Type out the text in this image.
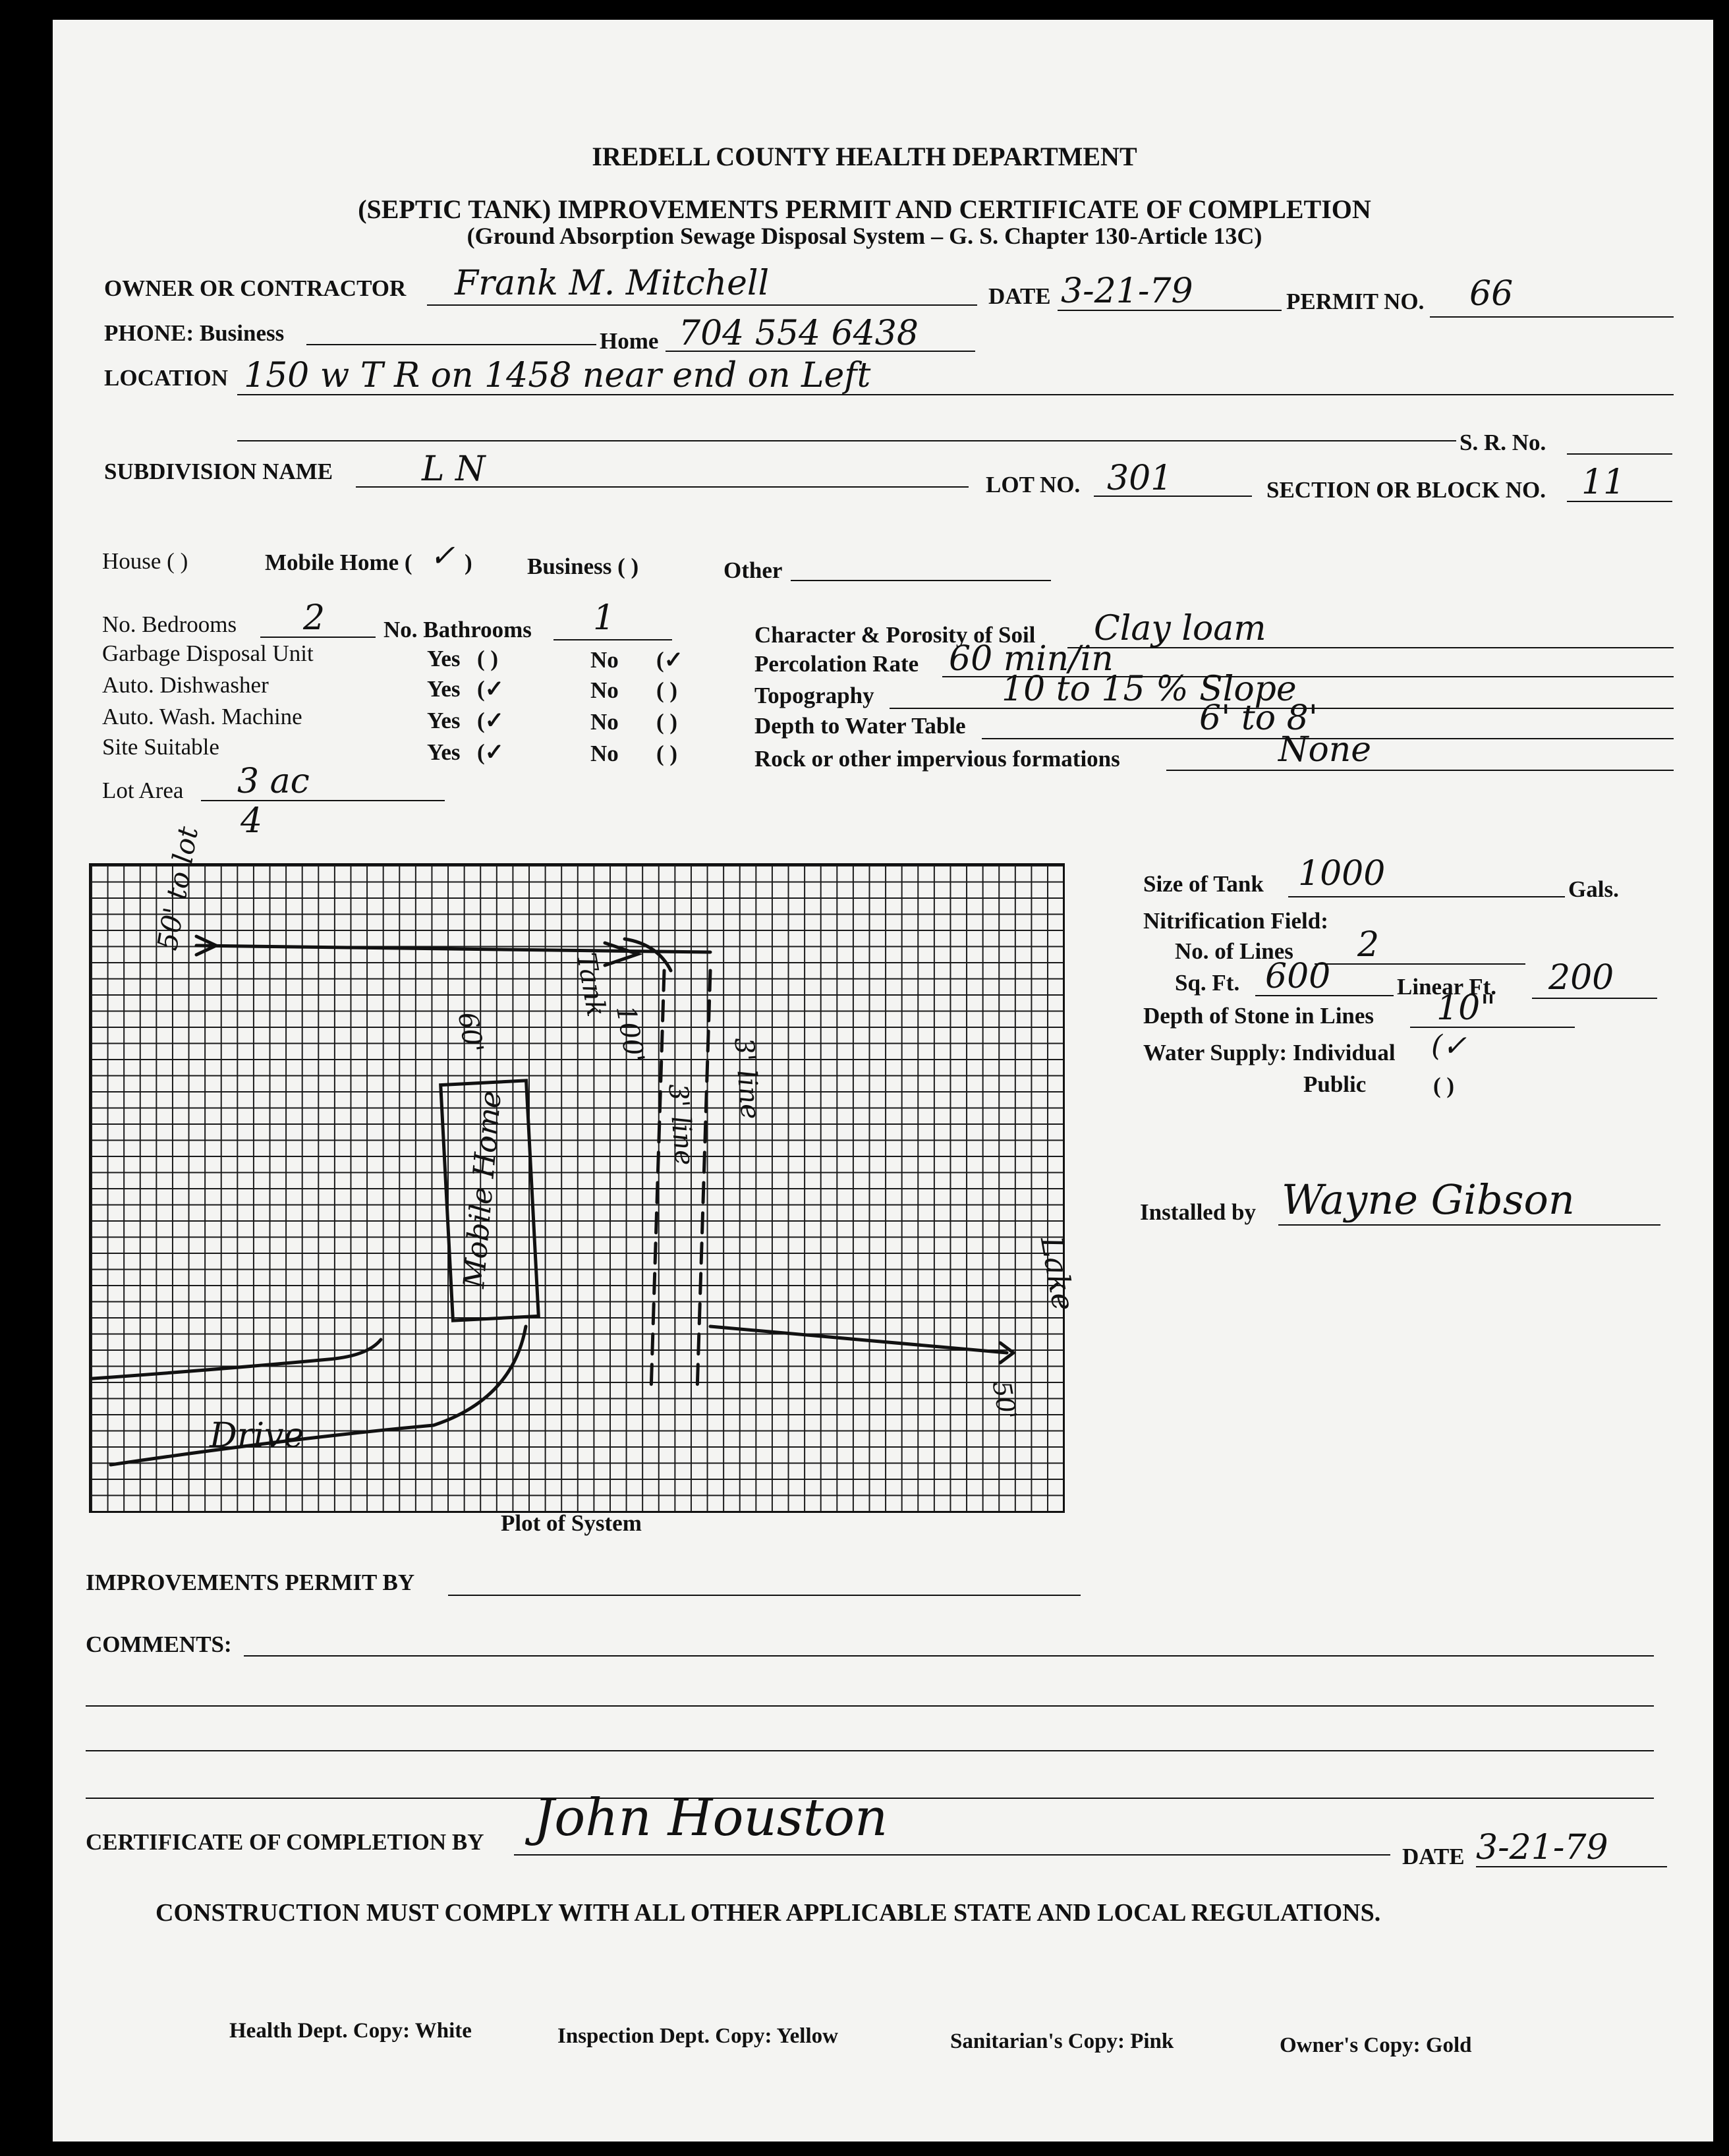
IREDELL COUNTY HEALTH DEPARTMENT
(SEPTIC TANK) IMPROVEMENTS PERMIT AND CERTIFICATE OF COMPLETION
(Ground Absorption Sewage Disposal System – G. S. Chapter 130-Article 13C)
OWNER OR CONTRACTOR Frank M. Mitchell	DATE 3-21-79	PERMIT NO. 66
PHONE: Business	Home 704 554 6438
LOCATION 150 w T R on 1458 near end on Left
S. R. No.
SUBDIVISION NAME	L N	LOT NO. 301	SECTION OR BLOCK NO. 11
House ( )	Mobile Home ( ✓ ) Business ( )	Other
No. Bedrooms 2	No. Bathrooms 1
Garbage Disposal Unit	Yes ( )	No (✓
Auto. Dishwasher	Yes (✓	No ( )
Auto. Wash. Machine	Yes (✓	No ( )
Site Suitable	Yes (✓	No ( )
Lot Area 3 ac
4
Character & Porosity of Soil Clay loam
Percolation Rate 60 min/in
Topography	10 to 15 % Slope
Depth to Water Table	6' to 8'
Rock or other impervious formations	None
Size of Tank 1000	Gals.
Nitrification Field:
No. of Lines 2
Sq. Ft. 600	Linear Ft. 200
Depth of Stone in Lines 10"
Water Supply: Individual (✓
Public	( )
Installed by Wayne Gibson
50' to lot
Mobile Home
60'
Tank
100'
3' line
3' line
Drive
Lake
50'
Plot of System
IMPROVEMENTS PERMIT BY
COMMENTS:
CERTIFICATE OF COMPLETION BY John Houston
DATE 3-21-79
CONSTRUCTION MUST COMPLY WITH ALL OTHER APPLICABLE STATE AND LOCAL REGULATIONS.
Health Dept. Copy: White	Inspection Dept. Copy: Yellow	Sanitarian's Copy: Pink	Owner's Copy: Gold
